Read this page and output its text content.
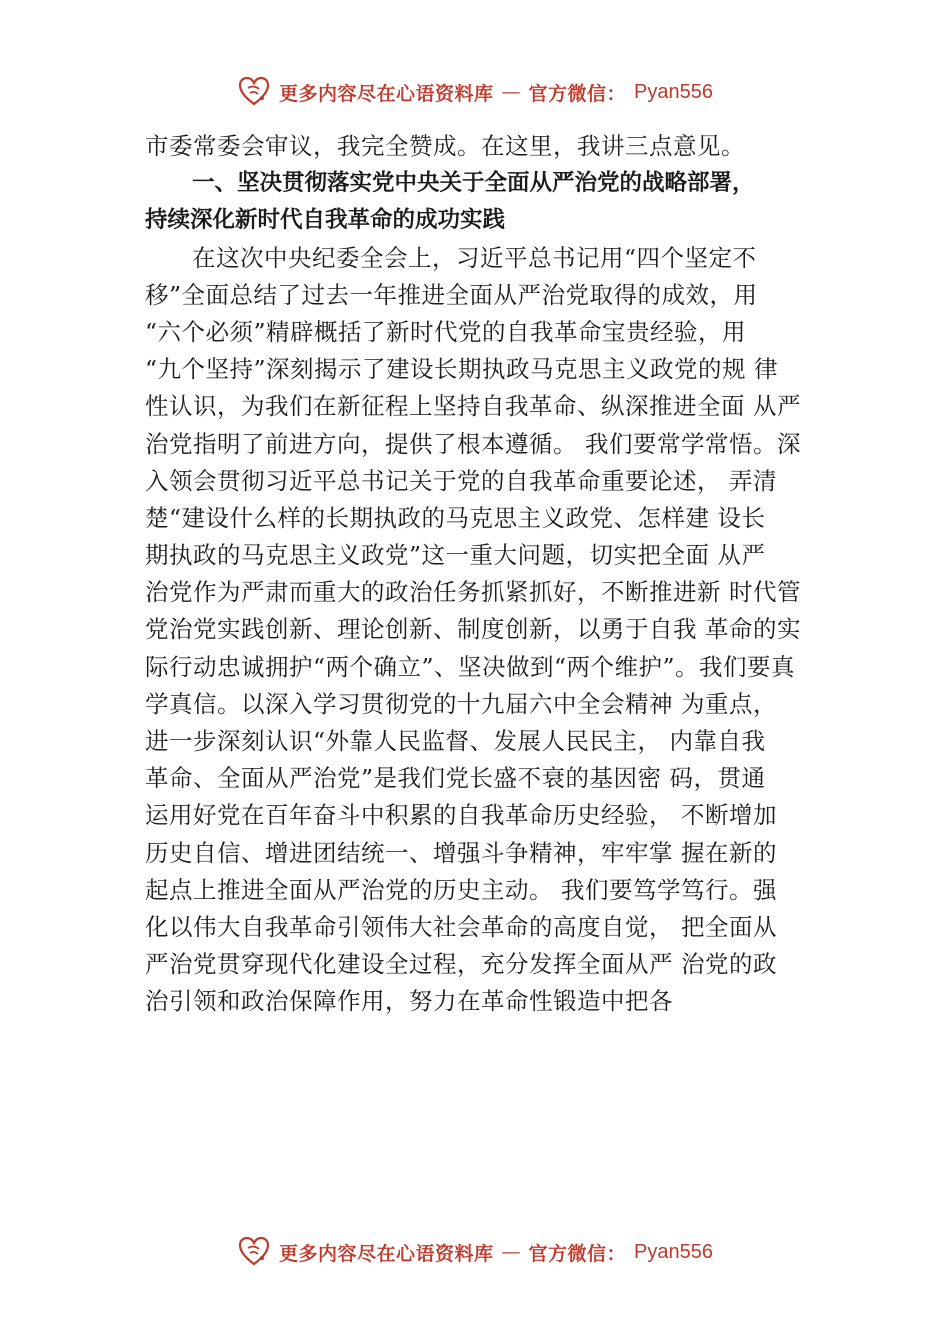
更多内容尽在心语资料库 — 官方微信： Pyan556
市委常委会审议，我完全赞成。在这里，我讲三点意见。
一、坚决贯彻落实党中央关于全面从严治党的战略部署，
持续深化新时代自我革命的成功实践
在这次中央纪委全会上，习近平总书记用“四个坚定不
移”全面总结了过去一年推进全面从严治党取得的成效，用
“六个必须”精辟概括了新时代党的自我革命宝贵经验，用
“九个坚持”深刻揭示了建设长期执政马克思主义政党的规 律
性认识，为我们在新征程上坚持自我革命、纵深推进全面 从严
治党指明了前进方向，提供了根本遵循。 我们要常学常悟。深
入领会贯彻习近平总书记关于党的自我革命重要论述， 弄清
楚“建设什么样的长期执政的马克思主义政党、怎样建 设长
期执政的马克思主义政党”这一重大问题，切实把全面 从严
治党作为严肃而重大的政治任务抓紧抓好，不断推进新 时代管
党治党实践创新、理论创新、制度创新，以勇于自我 革命的实
际行动忠诚拥护“两个确立”、坚决做到“两个维护”。我们要真
学真信。以深入学习贯彻党的十九届六中全会精神 为重点，
进一步深刻认识“外靠人民监督、发展人民民主， 内靠自我
革命、全面从严治党”是我们党长盛不衰的基因密 码，贯通
运用好党在百年奋斗中积累的自我革命历史经验， 不断增加
历史自信、增进团结统一、增强斗争精神，牢牢掌 握在新的
起点上推进全面从严治党的历史主动。 我们要笃学笃行。强
化以伟大自我革命引领伟大社会革命的高度自觉， 把全面从
严治党贯穿现代化建设全过程，充分发挥全面从严 治党的政
治引领和政治保障作用，努力在革命性锻造中把各
更多内容尽在心语资料库 — 官方微信： Pyan556
